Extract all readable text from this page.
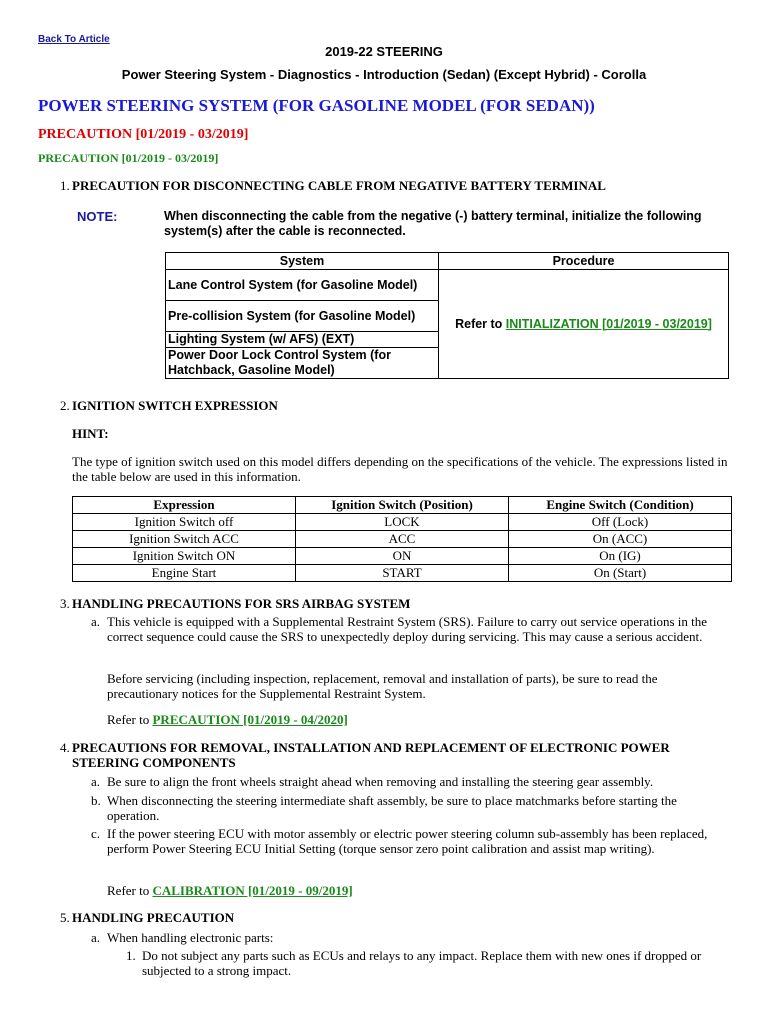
Back To Article
2019-22 STEERING
Power Steering System - Diagnostics - Introduction (Sedan) (Except Hybrid) - Corolla
POWER STEERING SYSTEM (FOR GASOLINE MODEL (FOR SEDAN))
PRECAUTION [01/2019 - 03/2019]
PRECAUTION [01/2019 - 03/2019]
1. PRECAUTION FOR DISCONNECTING CABLE FROM NEGATIVE BATTERY TERMINAL
NOTE:	When disconnecting the cable from the negative (-) battery terminal, initialize the following system(s) after the cable is reconnected.
System	Procedure
Lane Control System (for Gasoline Model)	Refer to INITIALIZATION [01/2019 - 03/2019]
Pre-collision System (for Gasoline Model)	
Lighting System (w/ AFS) (EXT)	
Power Door Lock Control System (for Hatchback, Gasoline Model)	
2. IGNITION SWITCH EXPRESSION
HINT:
The type of ignition switch used on this model differs depending on the specifications of the vehicle. The expressions listed in the table below are used in this information.
Expression	Ignition Switch (Position)	Engine Switch (Condition)
Ignition Switch off	LOCK	Off (Lock)
Ignition Switch ACC	ACC	On (ACC)
Ignition Switch ON	ON	On (IG)
Engine Start	START	On (Start)
3. HANDLING PRECAUTIONS FOR SRS AIRBAG SYSTEM
a. This vehicle is equipped with a Supplemental Restraint System (SRS). Failure to carry out service operations in the correct sequence could cause the SRS to unexpectedly deploy during servicing. This may cause a serious accident.
Before servicing (including inspection, replacement, removal and installation of parts), be sure to read the precautionary notices for the Supplemental Restraint System.
Refer to PRECAUTION [01/2019 - 04/2020]
4. PRECAUTIONS FOR REMOVAL, INSTALLATION AND REPLACEMENT OF ELECTRONIC POWER
STEERING COMPONENTS
a. Be sure to align the front wheels straight ahead when removing and installing the steering gear assembly.
b. When disconnecting the steering intermediate shaft assembly, be sure to place matchmarks before starting the operation.
c. If the power steering ECU with motor assembly or electric power steering column sub-assembly has been replaced, perform Power Steering ECU Initial Setting (torque sensor zero point calibration and assist map writing).
Refer to CALIBRATION [01/2019 - 09/2019]
5. HANDLING PRECAUTION
a. When handling electronic parts:
1. Do not subject any parts such as ECUs and relays to any impact. Replace them with new ones if dropped or subjected to a strong impact.
